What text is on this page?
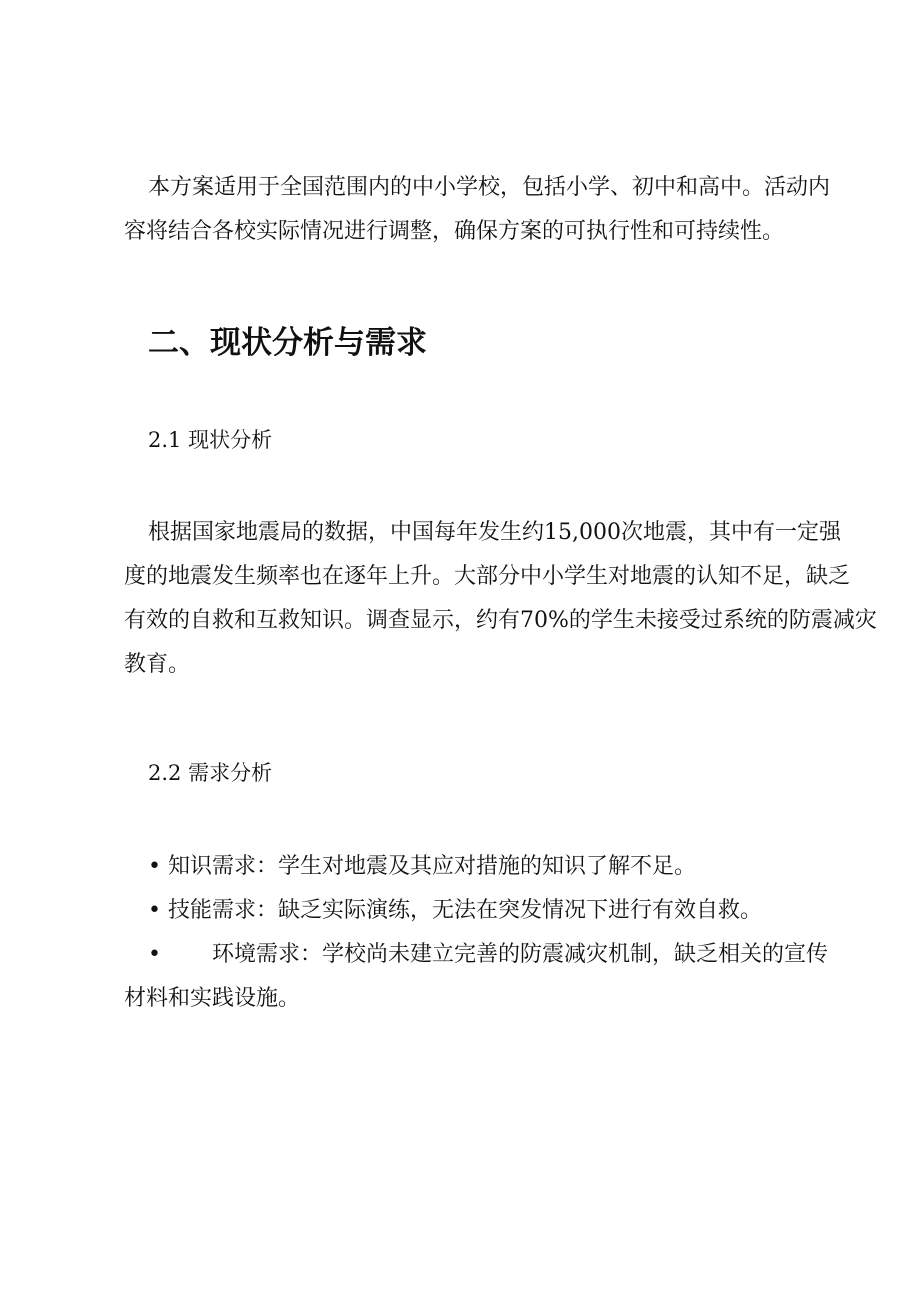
本方案适用于全国范围内的中小学校，包括小学、初中和高中。活动内
容将结合各校实际情况进行调整，确保方案的可执行性和可持续性。

二、现状分析与需求
2.1 现状分析

根据国家地震局的数据，中国每年发生约15,000次地震，其中有一定强
度的地震发生频率也在逐年上升。大部分中小学生对地震的认知不足，缺乏
有效的自救和互救知识。调查显示，约有70%的学生未接受过系统的防震减灾
教育。

2.2 需求分析
• 知识需求：学生对地震及其应对措施的知识了解不足。
• 技能需求：缺乏实际演练，无法在突发情况下进行有效自救。
• 环境需求：学校尚未建立完善的防震减灾机制，缺乏相关的宣传
材料和实践设施。
